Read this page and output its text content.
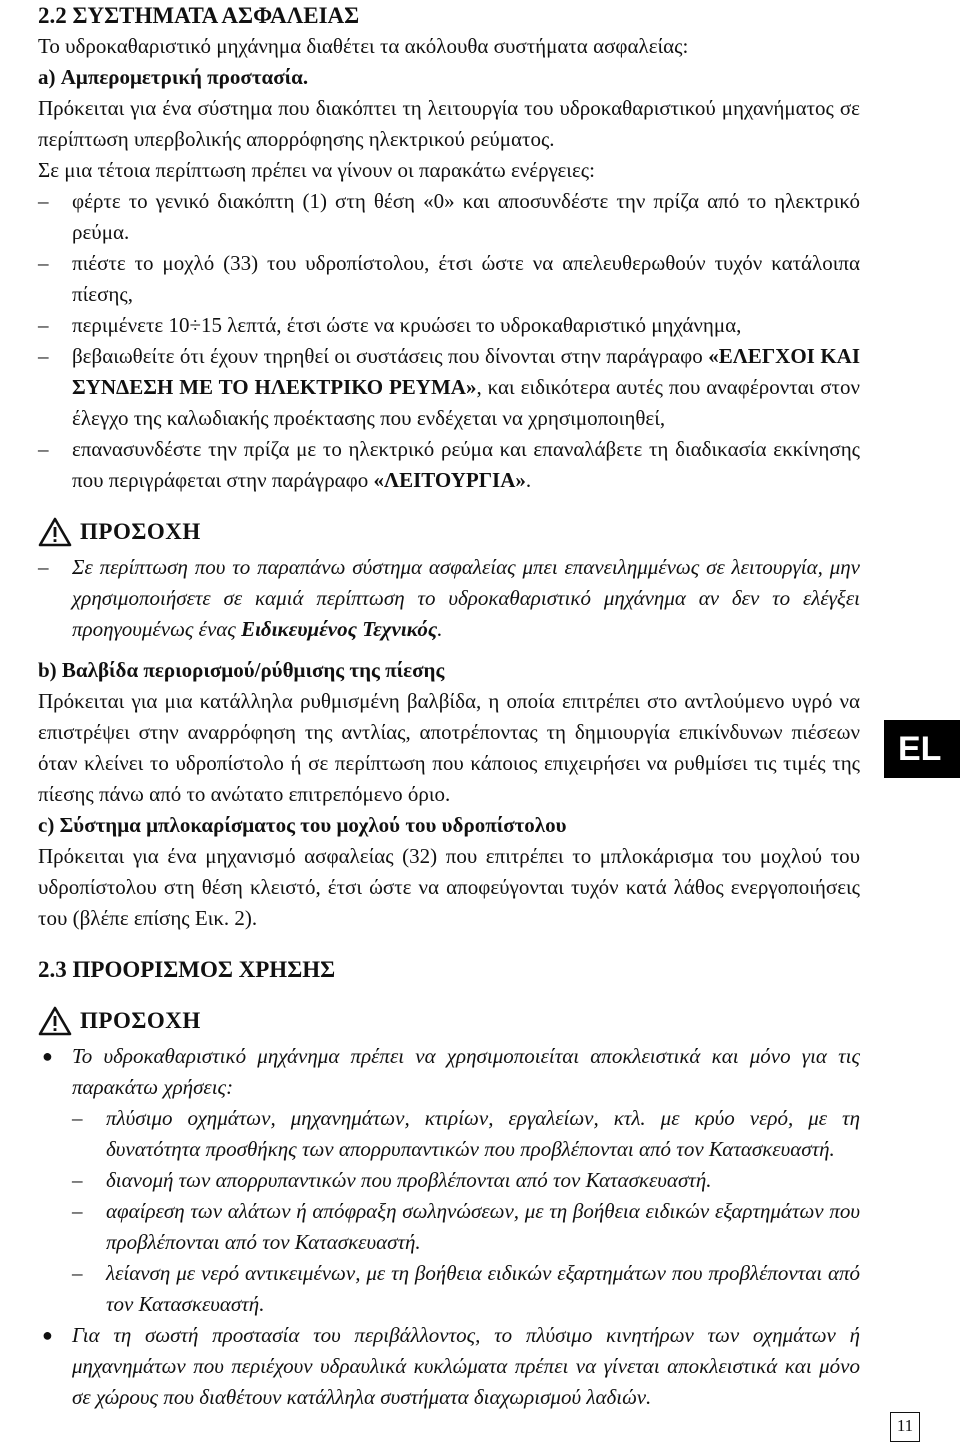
2.2 ΣΥΣΤΗΜΑΤΑ ΑΣΦΑΛΕΙΑΣ
Το υδροκαθαριστικό μηχάνημα διαθέτει τα ακόλουθα συστήματα ασφαλείας:
a) Αμπερομετρική προστασία.
Πρόκειται για ένα σύστημα που διακόπτει τη λειτουργία του υδροκαθαριστικού μηχανήματος σε περίπτωση υπερβολικής απορρόφησης ηλεκτρικού ρεύματος.
Σε μια τέτοια περίπτωση πρέπει να γίνουν οι παρακάτω ενέργειες:
– φέρτε το γενικό διακόπτη (1) στη θέση «0» και αποσυνδέστε την πρίζα από το ηλεκτρικό ρεύμα.
– πιέστε το μοχλό (33) του υδροπίστολου, έτσι ώστε να απελευθερωθούν τυχόν κατάλοιπα πίεσης,
– περιμένετε 10÷15 λεπτά, έτσι ώστε να κρυώσει το υδροκαθαριστικό μηχάνημα,
– βεβαιωθείτε ότι έχουν τηρηθεί οι συστάσεις που δίνονται στην παράγραφο «ΕΛΕΓΧΟΙ ΚΑΙ ΣΥΝΔΕΣΗ ΜΕ ΤΟ ΗΛΕΚΤΡΙΚΟ ΡΕΥΜΑ», και ειδικότερα αυτές που αναφέρονται στον έλεγχο της καλωδιακής προέκτασης που ενδέχεται να χρησιμοποιηθεί,
– επανασυνδέστε την πρίζα με το ηλεκτρικό ρεύμα και επαναλάβετε τη διαδικασία εκκίνησης που περιγράφεται στην παράγραφο «ΛΕΙΤΟΥΡΓΙΑ».
ΠΡΟΣΟΧΗ
– Σε περίπτωση που το παραπάνω σύστημα ασφαλείας μπει επανειλημμένως σε λειτουργία, μην χρησιμοποιήσετε σε καμιά περίπτωση το υδροκαθαριστικό μηχάνημα αν δεν το ελέγξει προηγουμένως ένας Ειδικευμένος Τεχνικός.
b) Βαλβίδα περιορισμού/ρύθμισης της πίεσης
Πρόκειται για μια κατάλληλα ρυθμισμένη βαλβίδα, η οποία επιτρέπει στο αντλούμενο υγρό να επιστρέψει στην αναρρόφηση της αντλίας, αποτρέποντας τη δημιουργία επικίνδυνων πιέσεων όταν κλείνει το υδροπίστολο ή σε περίπτωση που κάποιος επιχειρήσει να ρυθμίσει τις τιμές της πίεσης πάνω από το ανώτατο επιτρεπόμενο όριο.
c) Σύστημα μπλοκαρίσματος του μοχλού του υδροπίστολου
Πρόκειται για ένα μηχανισμό ασφαλείας (32) που επιτρέπει το μπλοκάρισμα του μοχλού του υδροπίστολου στη θέση κλειστό, έτσι ώστε να αποφεύγονται τυχόν κατά λάθος ενεργοποιήσεις του (βλέπε επίσης Εικ. 2).
2.3 ΠΡΟΟΡΙΣΜΟΣ ΧΡΗΣΗΣ
ΠΡΟΣΟΧΗ
● Το υδροκαθαριστικό μηχάνημα πρέπει να χρησιμοποιείται αποκλειστικά και μόνο για τις παρακάτω χρήσεις:
– πλύσιμο οχημάτων, μηχανημάτων, κτιρίων, εργαλείων, κτλ. με κρύο νερό, με τη δυνατότητα προσθήκης των απορρυπαντικών που προβλέπονται από τον Κατασκευαστή.
– διανομή των απορρυπαντικών που προβλέπονται από τον Κατασκευαστή.
– αφαίρεση των αλάτων ή απόφραξη σωληνώσεων, με τη βοήθεια ειδικών εξαρτημάτων που προβλέπονται από τον Κατασκευαστή.
– λείανση με νερό αντικειμένων, με τη βοήθεια ειδικών εξαρτημάτων που προβλέπονται από τον Κατασκευαστή.
● Για τη σωστή προστασία του περιβάλλοντος, το πλύσιμο κινητήρων των οχημάτων ή μηχανημάτων που περιέχουν υδραυλικά κυκλώματα πρέπει να γίνεται αποκλειστικά και μόνο σε χώρους που διαθέτουν κατάλληλα συστήματα διαχωρισμού λαδιών.
EL
11
